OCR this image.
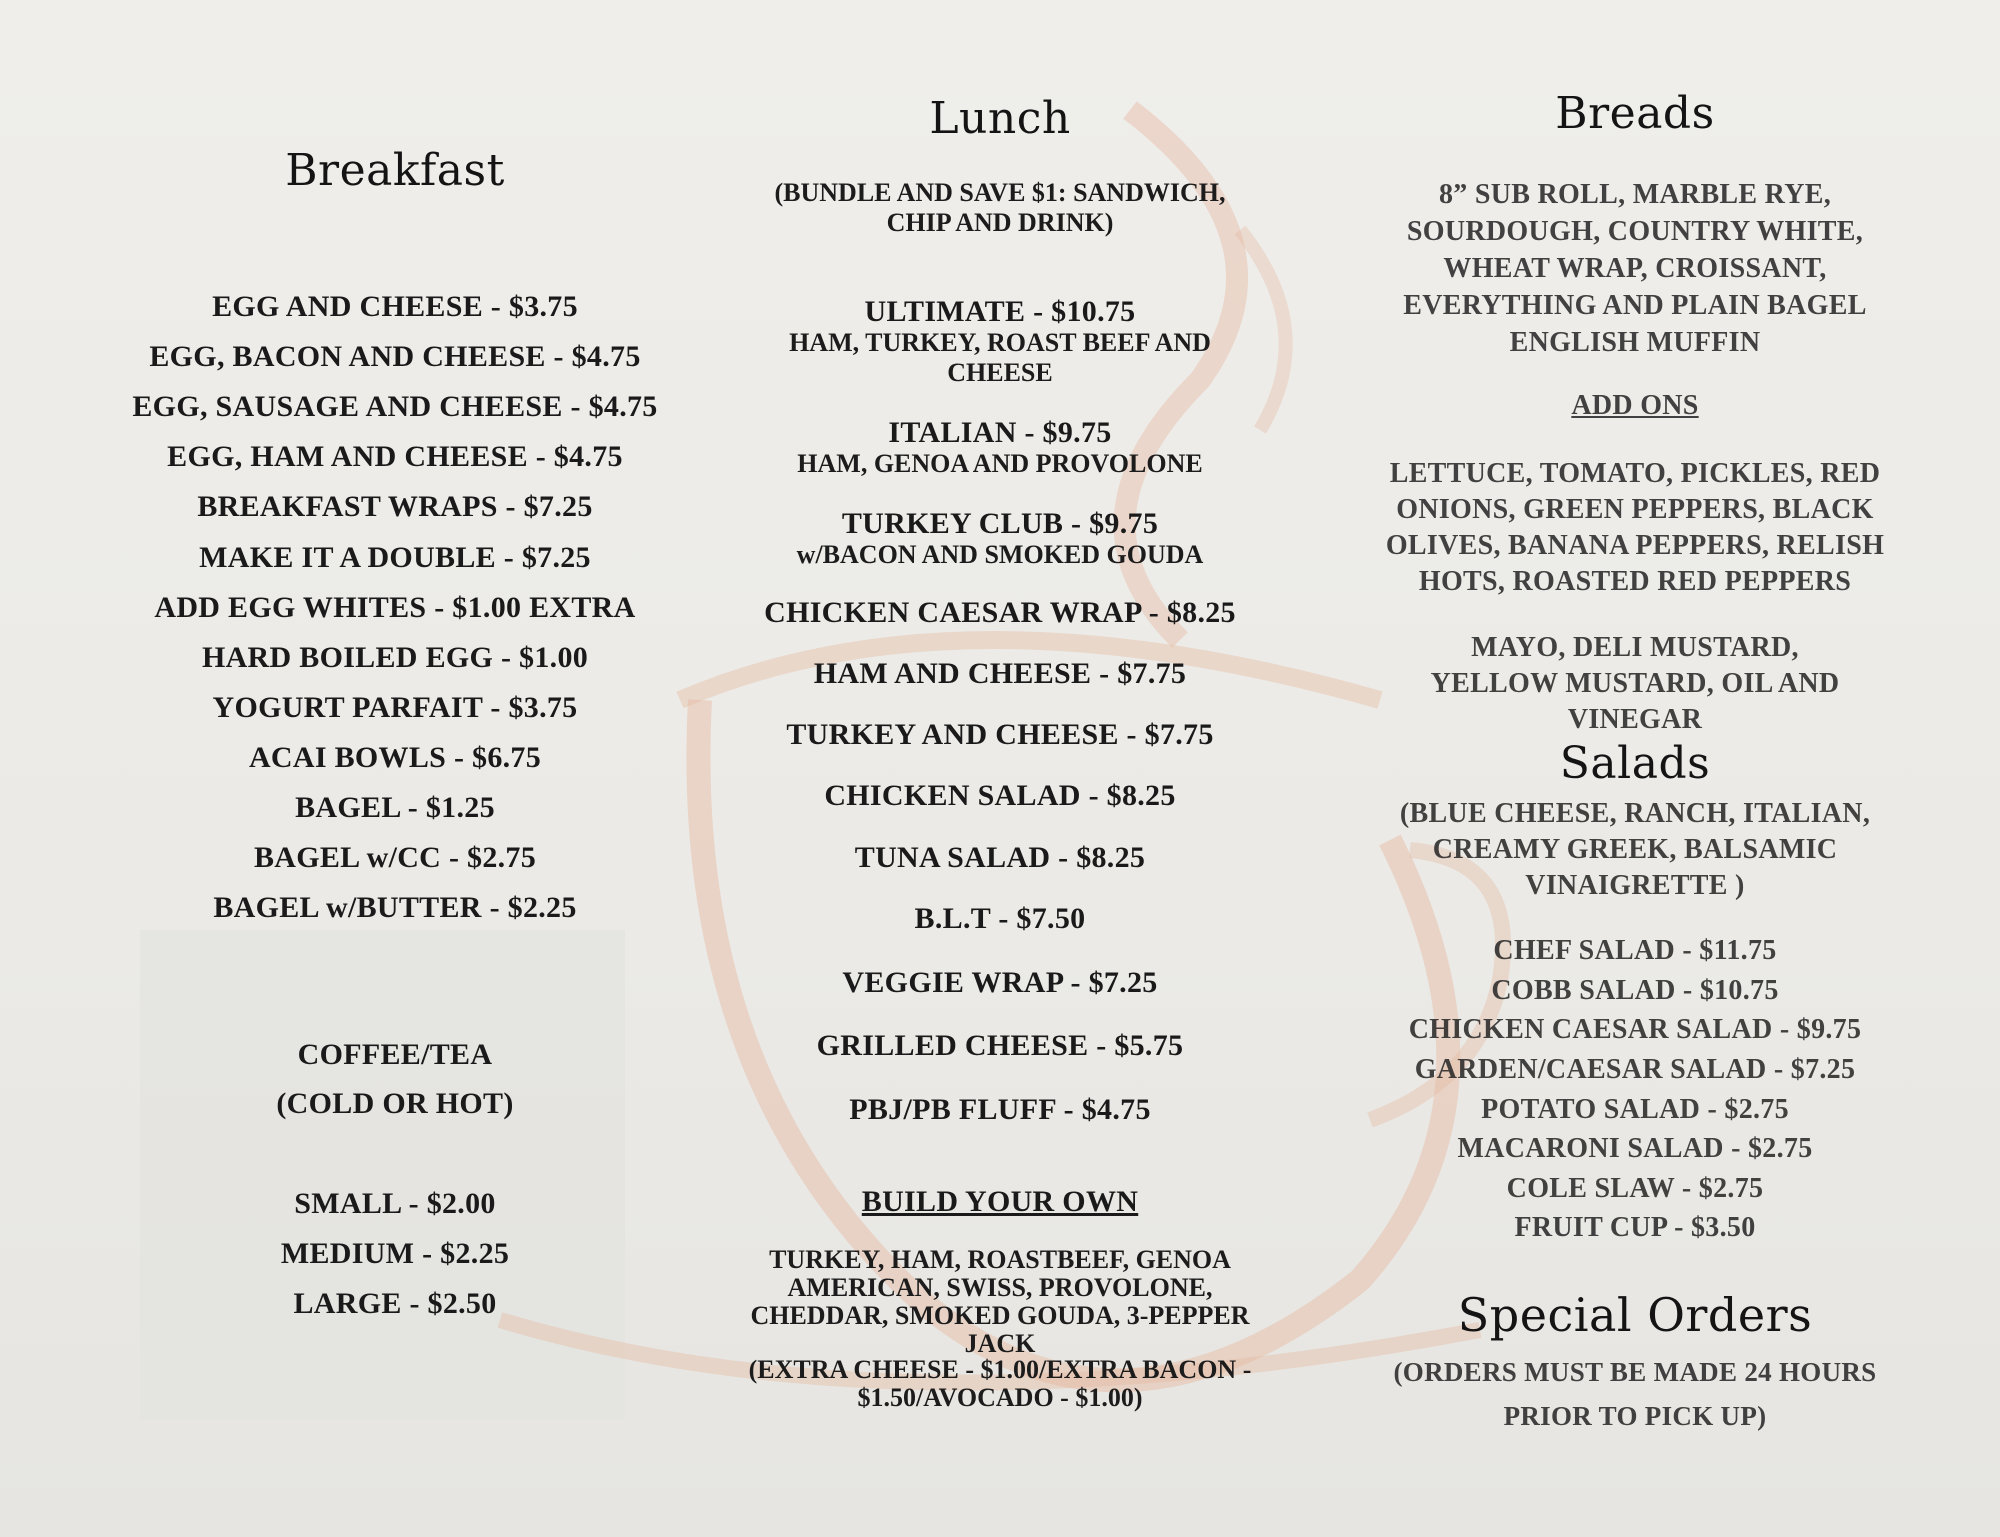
Breakfast
EGG AND CHEESE - $3.75
EGG, BACON AND CHEESE - $4.75
EGG, SAUSAGE AND CHEESE - $4.75
EGG, HAM AND CHEESE - $4.75
BREAKFAST WRAPS - $7.25
MAKE IT A DOUBLE - $7.25
ADD EGG WHITES - $1.00 EXTRA
HARD BOILED EGG - $1.00
YOGURT PARFAIT - $3.75
ACAI BOWLS - $6.75
BAGEL - $1.25
BAGEL w/CC - $2.75
BAGEL w/BUTTER - $2.25
COFFEE/TEA
(COLD OR HOT)
SMALL - $2.00
MEDIUM - $2.25
LARGE - $2.50
Lunch
(BUNDLE AND SAVE $1: SANDWICH, CHIP AND DRINK)
ULTIMATE - $10.75
HAM, TURKEY, ROAST BEEF AND CHEESE
ITALIAN - $9.75
HAM, GENOA AND PROVOLONE
TURKEY CLUB - $9.75
w/BACON AND SMOKED GOUDA
CHICKEN CAESAR WRAP - $8.25
HAM AND CHEESE - $7.75
TURKEY AND CHEESE - $7.75
CHICKEN SALAD - $8.25
TUNA SALAD - $8.25
B.L.T - $7.50
VEGGIE WRAP - $7.25
GRILLED CHEESE - $5.75
PBJ/PB FLUFF - $4.75
BUILD YOUR OWN
TURKEY, HAM, ROASTBEEF, GENOA AMERICAN, SWISS, PROVOLONE, CHEDDAR, SMOKED GOUDA, 3-PEPPER JACK
(EXTRA CHEESE - $1.00/EXTRA BACON - $1.50/AVOCADO - $1.00)
Breads
8” SUB ROLL, MARBLE RYE, SOURDOUGH, COUNTRY WHITE, WHEAT WRAP, CROISSANT, EVERYTHING AND PLAIN BAGEL ENGLISH MUFFIN
ADD ONS
LETTUCE, TOMATO, PICKLES, RED ONIONS, GREEN PEPPERS, BLACK OLIVES, BANANA PEPPERS, RELISH HOTS, ROASTED RED PEPPERS
MAYO, DELI MUSTARD, YELLOW MUSTARD, OIL AND VINEGAR
Salads
(BLUE CHEESE, RANCH, ITALIAN, CREAMY GREEK, BALSAMIC VINAIGRETTE )
CHEF SALAD - $11.75
COBB SALAD - $10.75
CHICKEN CAESAR SALAD - $9.75
GARDEN/CAESAR SALAD - $7.25
POTATO SALAD - $2.75
MACARONI SALAD - $2.75
COLE SLAW - $2.75
FRUIT CUP - $3.50
Special Orders
(ORDERS MUST BE MADE 24 HOURS
PRIOR TO PICK UP)
